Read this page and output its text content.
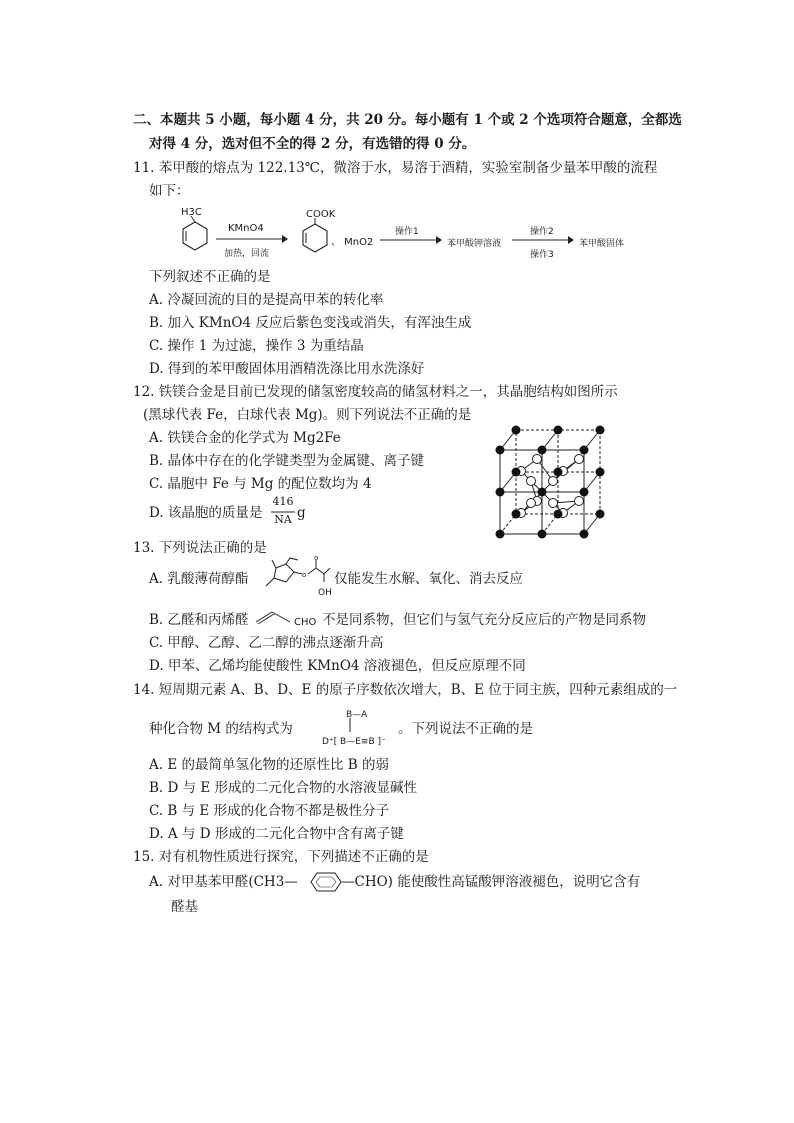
二、本题共 5 小题，每小题 4 分，共 20 分。每小题有 1 个或 2 个选项符合题意，全都选
对得 4 分，选对但不全的得 2 分，有选错的得 0 分。
11. 苯甲酸的熔点为 122.13℃，微溶于水，易溶于酒精，实验室制备少量苯甲酸的流程
如下：
H3C
KMnO4
加热，回流
COOK
、 MnO2
操作1
苯甲酸钾溶液
操作2
操作3
苯甲酸固体
下列叙述不正确的是
A. 冷凝回流的目的是提高甲苯的转化率
B. 加入 KMnO4 反应后紫色变浅或消失，有浑浊生成
C. 操作 1 为过滤，操作 3 为重结晶
D. 得到的苯甲酸固体用酒精洗涤比用水洗涤好
12. 铁镁合金是目前已发现的储氢密度较高的储氢材料之一，其晶胞结构如图所示
(黑球代表 Fe，白球代表 Mg)。则下列说法不正确的是
A. 铁镁合金的化学式为 Mg2Fe
B. 晶体中存在的化学键类型为金属键、离子键
C. 晶胞中 Fe 与 Mg 的配位数均为 4
D. 该晶胞的质量是
416
NA g
13. 下列说法正确的是
A. 乳酸薄荷醇酯	o
o
OH
仅能发生水解、氧化、消去反应
B. 乙醛和丙烯醛	CHO 不是同系物，但它们与氢气充分反应后的产物是同系物
C. 甲醇、乙醇、乙二醇的沸点逐渐升高
D. 甲苯、乙烯均能使酸性 KMnO4 溶液褪色，但反应原理不同
14. 短周期元素 A、B、D、E 的原子序数依次增大，B、E 位于同主族，四种元素组成的一
种化合物 M 的结构式为
B—A
D⁺[ B—E≡B ]⁻
。下列说法不正确的是
A. E 的最简单氢化物的还原性比 B 的弱
B. D 与 E 形成的二元化合物的水溶液显碱性
C. B 与 E 形成的化合物不都是极性分子
D. A 与 D 形成的二元化合物中含有离子键
15. 对有机物性质进行探究，下列描述不正确的是
A. 对甲基苯甲醛(CH3—	—CHO) 能使酸性高锰酸钾溶液褪色，说明它含有
醛基
